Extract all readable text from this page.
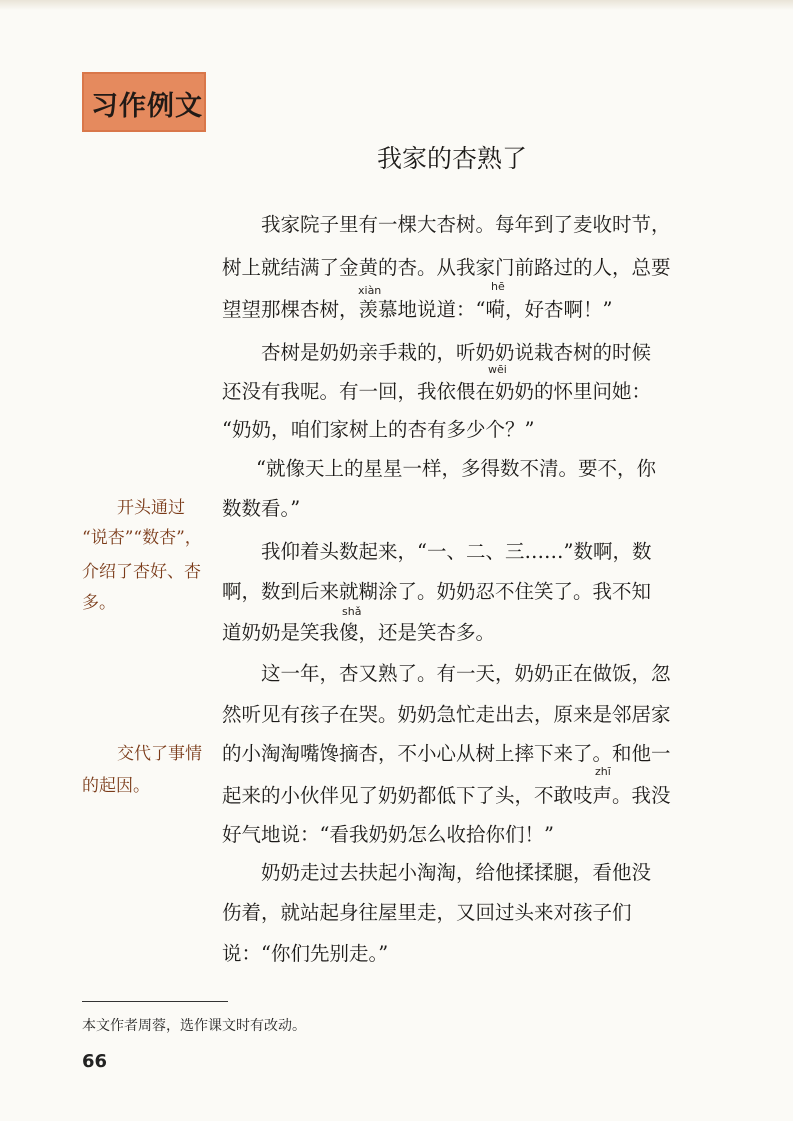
习作例文
我家的杏熟了
我家院子里有一棵大杏树。每年到了麦收时节，
树上就结满了金黄的杏。从我家门前路过的人，总要
望望那棵杏树，羡慕地说道：“嗬，好杏啊！”
xiàn	hē
杏树是奶奶亲手栽的，听奶奶说栽杏树的时候
还没有我呢。有一回，我依偎在奶奶的怀里问她：
“奶奶，咱们家树上的杏有多少个？”
wēi
“就像天上的星星一样，多得数不清。要不，你
数数看。”
我仰着头数起来，“一、二、三……”数啊，数
啊，数到后来就糊涂了。奶奶忍不住笑了。我不知
道奶奶是笑我傻，还是笑杏多。
shǎ
这一年，杏又熟了。有一天，奶奶正在做饭，忽
然听见有孩子在哭。奶奶急忙走出去，原来是邻居家
的小淘淘嘴馋摘杏，不小心从树上摔下来了。和他一
起来的小伙伴见了奶奶都低下了头，不敢吱声。我没
好气地说：“看我奶奶怎么收拾你们！”
zhī
奶奶走过去扶起小淘淘，给他揉揉腿，看他没
伤着，就站起身往屋里走，又回过头来对孩子们
说：“你们先别走。”
开头通过
“说杏”“数杏”，
介绍了杏好、杏
多。
交代了事情
的起因。
本文作者周蓉，选作课文时有改动。
66
